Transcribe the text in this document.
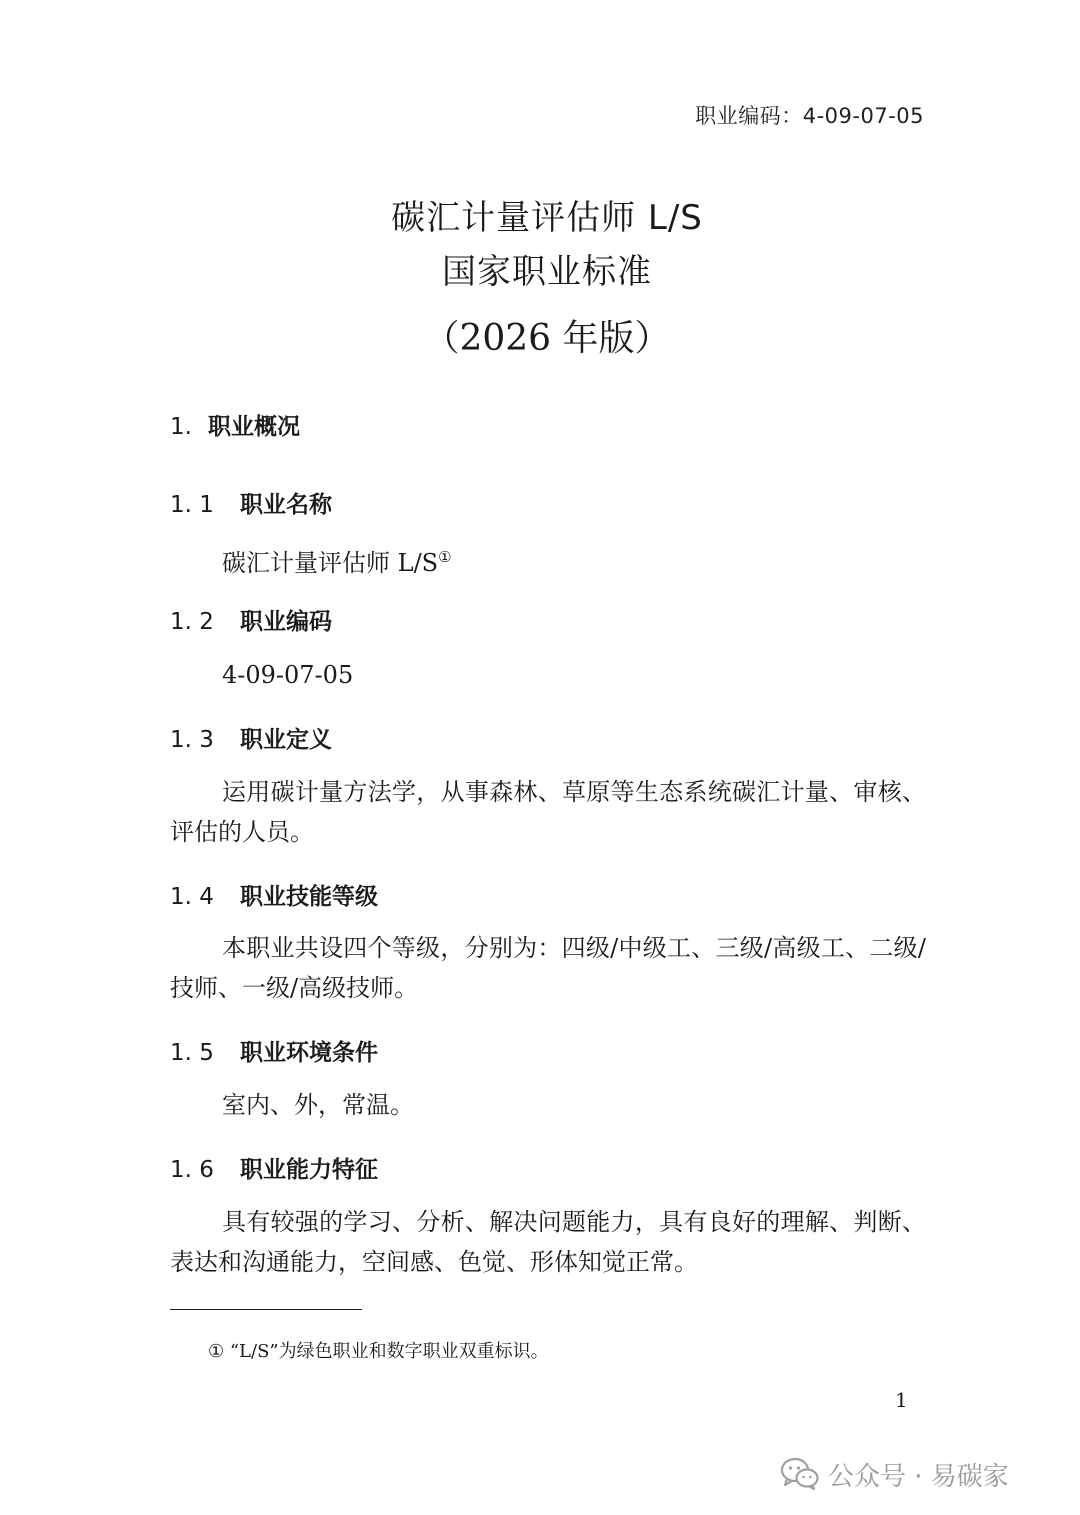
职业编码：4-09-07-05
碳汇计量评估师 L/S
国家职业标准
（2026 年版）
1. 职业概况
1. 1 职业名称
碳汇计量评估师 L/S①
1. 2 职业编码
4-09-07-05
1. 3 职业定义
运用碳计量方法学，从事森林、草原等生态系统碳汇计量、审核、评估的人员。
1. 4 职业技能等级
本职业共设四个等级，分别为：四级/中级工、三级/高级工、二级/技师、一级/高级技师。
1. 5 职业环境条件
室内、外，常温。
1. 6 职业能力特征
具有较强的学习、分析、解决问题能力，具有良好的理解、判断、表达和沟通能力，空间感、色觉、形体知觉正常。
① “L/S”为绿色职业和数字职业双重标识。
1
公众号 · 易碳家
